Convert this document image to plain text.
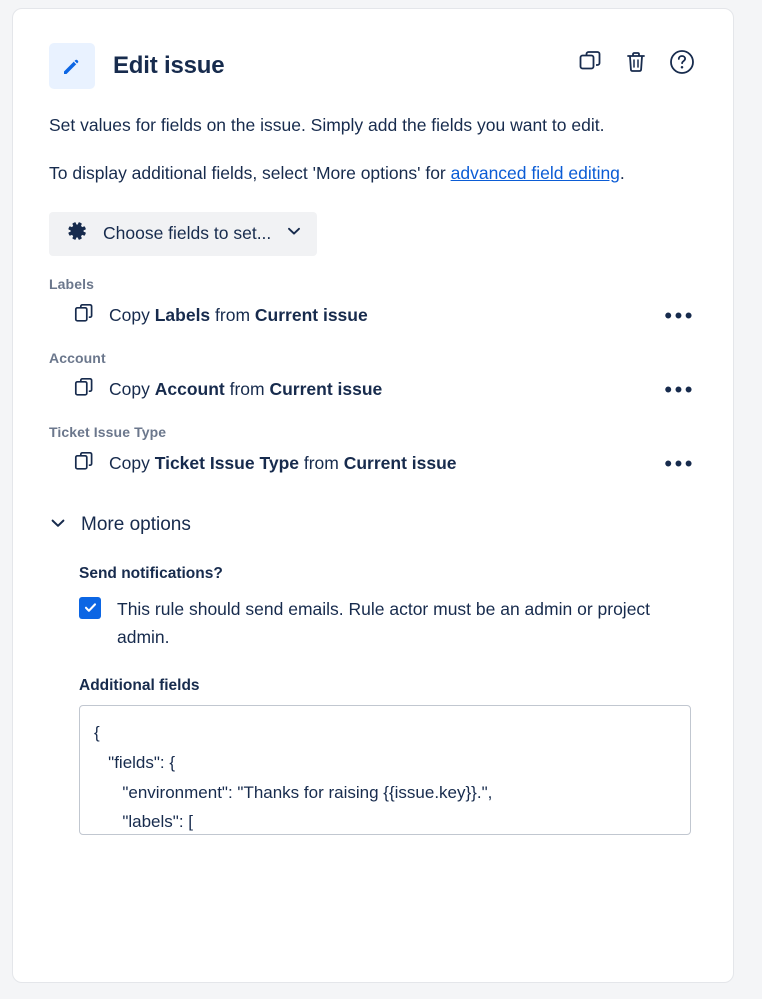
Edit issue
Set values for fields on the issue. Simply add the fields you want to edit.
To display additional fields, select 'More options' for advanced field editing.
Choose fields to set...
Labels
Copy Labels from Current issue	•••
Account
Copy Account from Current issue	•••
Ticket Issue Type
Copy Ticket Issue Type from Current issue	•••
More options
Send notifications?
This rule should send emails. Rule actor must be an admin or project admin.
Additional fields
{
"fields": {
"environment": "Thanks for raising {{issue.key}}.",
"labels": [
